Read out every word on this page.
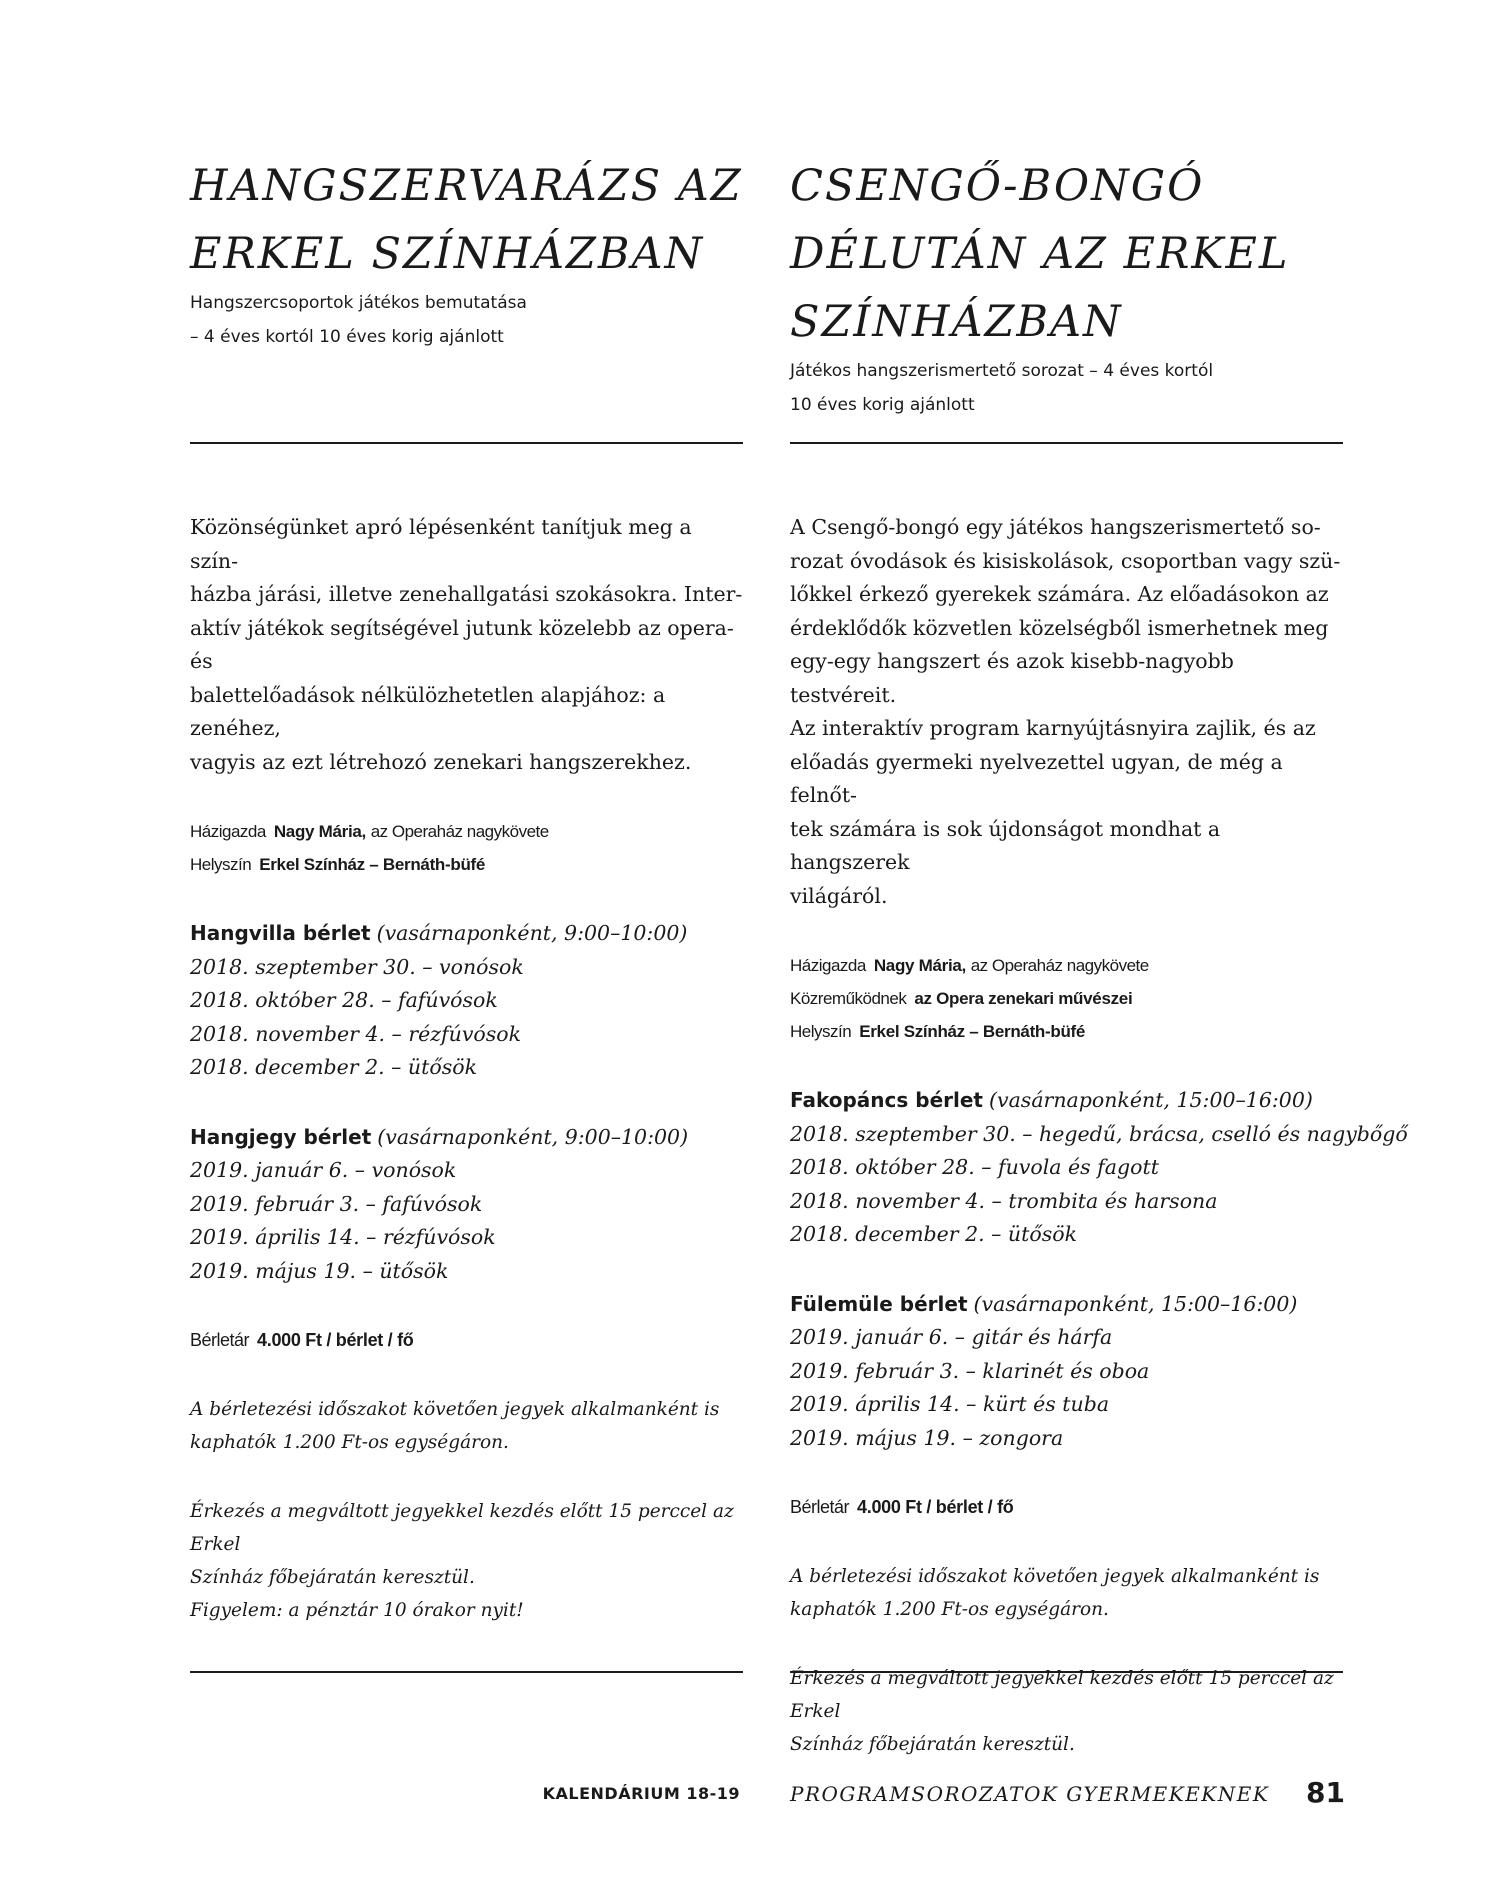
HANGSZERVARÁZS AZ
ERKEL SZÍNHÁZBAN

Hangszercsoportok játékos bemutatása
– 4 éves kortól 10 éves korig ajánlott

Közönségünket apró lépésenként tanítjuk meg a szín-
házba járási, illetve zenehallgatási szokásokra. Inter-
aktív játékok segítségével jutunk közelebb az opera- és
balettelőadások nélkülözhetetlen alapjához: a zenéhez,
vagyis az ezt létrehozó zenekari hangszerekhez.

Házigazda Nagy Mária, az Operaház nagykövete
Helyszín Erkel Színház – Bernáth-büfé
Hangvilla bérlet (vasárnaponként, 9:00–10:00)
2018. szeptember 30. – vonósok
2018. október 28. – fafúvósok
2018. november 4. – rézfúvósok
2018. december 2. – ütősök
Hangjegy bérlet (vasárnaponként, 9:00–10:00)
2019. január 6. – vonósok
2019. február 3. – fafúvósok
2019. április 14. – rézfúvósok
2019. május 19. – ütősök
Bérletár 4.000 Ft / bérlet / fő

A bérletezési időszakot követően jegyek alkalmanként is
kaphatók 1.200 Ft-os egységáron.

Érkezés a megváltott jegyekkel kezdés előtt 15 perccel az Erkel
Színház főbejáratán keresztül.
Figyelem: a pénztár 10 órakor nyit!

CSENGŐ-BONGÓ
DÉLUTÁN AZ ERKEL
SZÍNHÁZBAN

Játékos hangszerismertető sorozat – 4 éves kortól
10 éves korig ajánlott

A Csengő-bongó egy játékos hangszerismertető so-
rozat óvodások és kisiskolások, csoportban vagy szü-
lőkkel érkező gyerekek számára. Az előadásokon az
érdeklődők közvetlen közelségből ismerhetnek meg
egy-egy hangszert és azok kisebb-nagyobb testvéreit.
Az interaktív program karnyújtásnyira zajlik, és az
előadás gyermeki nyelvezettel ugyan, de még a felnőt-
tek számára is sok újdonságot mondhat a hangszerek
világáról.

Házigazda Nagy Mária, az Operaház nagykövete
Közreműködnek az Opera zenekari művészei
Helyszín Erkel Színház – Bernáth-büfé
Fakopáncs bérlet (vasárnaponként, 15:00–16:00)
2018. szeptember 30. – hegedű, brácsa, cselló és nagybőgő
2018. október 28. – fuvola és fagott
2018. november 4. – trombita és harsona
2018. december 2. – ütősök
Fülemüle bérlet (vasárnaponként, 15:00–16:00)
2019. január 6. – gitár és hárfa
2019. február 3. – klarinét és oboa
2019. április 14. – kürt és tuba
2019. május 19. – zongora
Bérletár 4.000 Ft / bérlet / fő

A bérletezési időszakot követően jegyek alkalmanként is
kaphatók 1.200 Ft-os egységáron.

Érkezés a megváltott jegyekkel kezdés előtt 15 perccel az Erkel
Színház főbejáratán keresztül.

KALENDÁRIUM 18-19	PROGRAMSOROZATOK GYERMEKEKNEK 81
